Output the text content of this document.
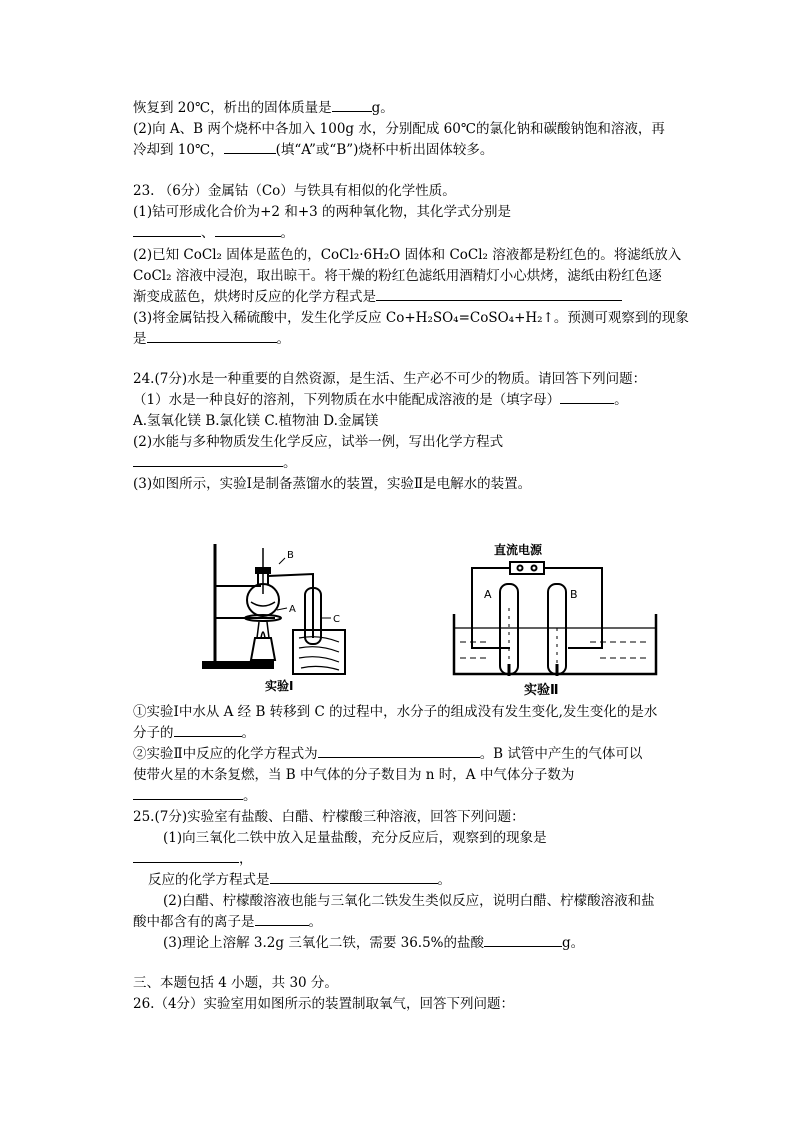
恢复到 20℃，析出的固体质量是	g。
(2)向 A、B 两个烧杯中各加入 100g 水，分别配成 60℃的氯化钠和碳酸钠饱和溶液，再
冷却到 10℃，	(填“A”或“B”)烧杯中析出固体较多。
23. （6分）金属钴（Co）与铁具有相似的化学性质。
(1)钴可形成化合价为+2 和+3 的两种氧化物，其化学式分别是
、	。
(2)已知 CoCl₂ 固体是蓝色的，CoCl₂·6H₂O 固体和 CoCl₂ 溶液都是粉红色的。将滤纸放入
CoCl₂ 溶液中浸泡，取出晾干。将干燥的粉红色滤纸用酒精灯小心烘烤，滤纸由粉红色逐
渐变成蓝色，烘烤时反应的化学方程式是
(3)将金属钴投入稀硫酸中，发生化学反应 Co+H₂SO₄=CoSO₄+H₂↑。预测可观察到的现象
是	。
24.(7分)水是一种重要的自然资源，是生活、生产必不可少的物质。请回答下列问题：
（1）水是一种良好的溶剂，下列物质在水中能配成溶液的是（填字母）	。
A.氢氧化镁 B.氯化镁 C.植物油 D.金属镁
(2)水能与多种物质发生化学反应，试举一例，写出化学方程式
。
(3)如图所示，实验Ⅰ是制备蒸馏水的装置，实验Ⅱ是电解水的装置。
B
A
C
实验Ⅰ
直流电源
A	B
实验Ⅱ
①实验Ⅰ中水从 A 经 B 转移到 C 的过程中，水分子的组成没有发生变化,发生变化的是水
分子的	。
②实验Ⅱ中反应的化学方程式为	。B 试管中产生的气体可以
使带火星的木条复燃，当 B 中气体的分子数目为 n 时，A 中气体分子数为
。
25.(7分)实验室有盐酸、白醋、柠檬酸三种溶液，回答下列问题：
(1)向三氧化二铁中放入足量盐酸，充分反应后，观察到的现象是
，
反应的化学方程式是	。
(2)白醋、柠檬酸溶液也能与三氧化二铁发生类似反应，说明白醋、柠檬酸溶液和盐
酸中都含有的离子是	。
(3)理论上溶解 3.2g 三氧化二铁，需要 36.5%的盐酸	g。
三、本题包括 4 小题，共 30 分。
26.（4分）实验室用如图所示的装置制取氧气，回答下列问题：
